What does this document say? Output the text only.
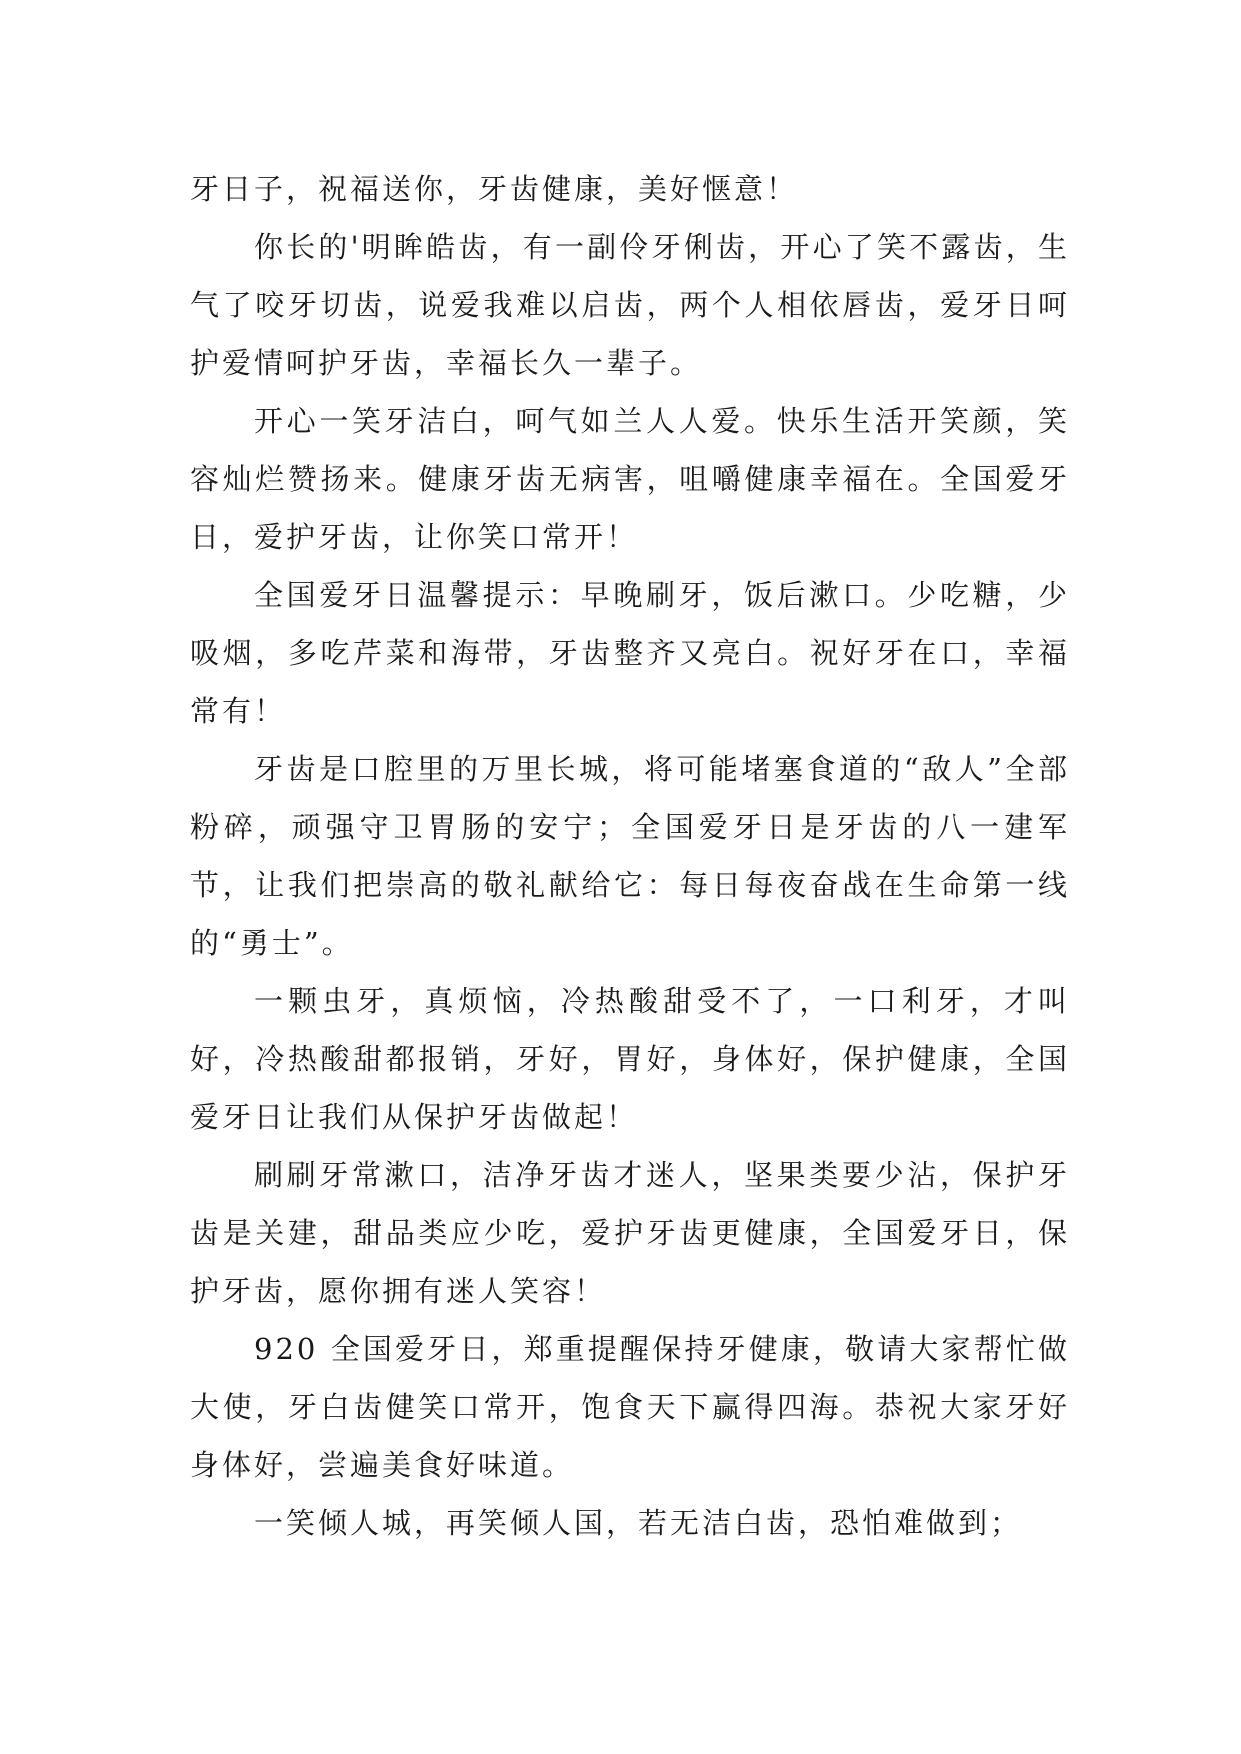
牙日子，祝福送你，牙齿健康，美好惬意！

你长的'明眸皓齿，有一副伶牙俐齿，开心了笑不露齿，生气了咬牙切齿，说爱我难以启齿，两个人相依唇齿，爱牙日呵护爱情呵护牙齿，幸福长久一辈子。

开心一笑牙洁白，呵气如兰人人爱。快乐生活开笑颜，笑容灿烂赞扬来。健康牙齿无病害，咀嚼健康幸福在。全国爱牙日，爱护牙齿，让你笑口常开！

全国爱牙日温馨提示：早晚刷牙，饭后漱口。少吃糖，少吸烟，多吃芹菜和海带，牙齿整齐又亮白。祝好牙在口，幸福常有！

牙齿是口腔里的万里长城，将可能堵塞食道的“敌人”全部粉碎，顽强守卫胃肠的安宁；全国爱牙日是牙齿的八一建军节，让我们把崇高的敬礼献给它：每日每夜奋战在生命第一线的“勇士”。

一颗虫牙，真烦恼，冷热酸甜受不了，一口利牙，才叫好，冷热酸甜都报销，牙好，胃好，身体好，保护健康，全国爱牙日让我们从保护牙齿做起！

刷刷牙常漱口，洁净牙齿才迷人，坚果类要少沾，保护牙齿是关建，甜品类应少吃，爱护牙齿更健康，全国爱牙日，保护牙齿，愿你拥有迷人笑容！

920 全国爱牙日，郑重提醒保持牙健康，敬请大家帮忙做大使，牙白齿健笑口常开，饱食天下赢得四海。恭祝大家牙好身体好，尝遍美食好味道。

一笑倾人城，再笑倾人国，若无洁白齿，恐怕难做到；
